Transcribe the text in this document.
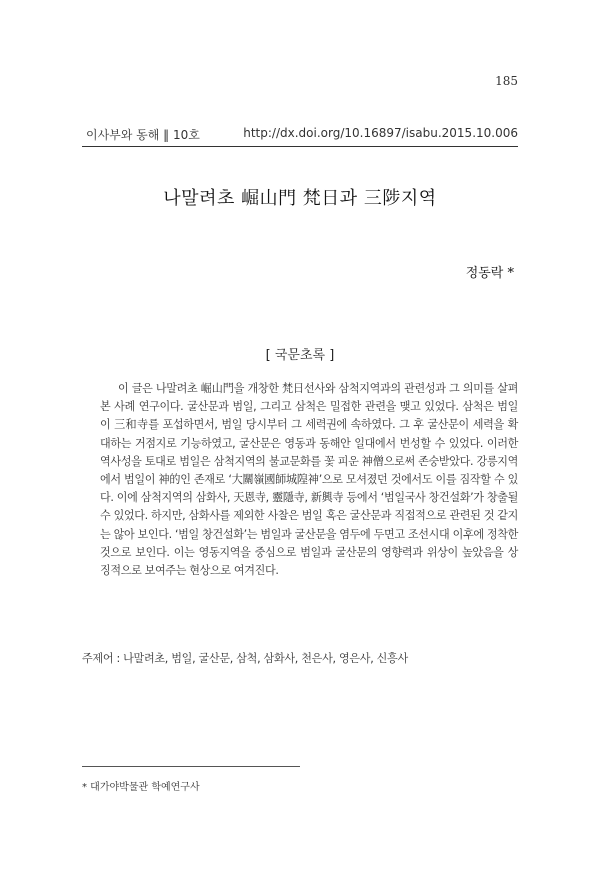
185
이사부와 동해 ‖ 10호	http://dx.doi.org/10.16897/isabu.2015.10.006
나말려초 崛山門 梵日과 三陟지역
정동락 *
[ 국문초록 ]
이 글은 나말려초 崛山門을 개창한 梵日선사와 삼척지역과의 관련성과 그 의미를 살펴본 사례 연구이다. 굴산문과 범일, 그리고 삼척은 밀접한 관련을 맺고 있었다. 삼척은 범일이 三和寺를 포섭하면서, 범일 당시부터 그 세력권에 속하였다. 그 후 굴산문이 세력을 확대하는 거점지로 기능하였고, 굴산문은 영동과 동해안 일대에서 번성할 수 있었다. 이러한 역사성을 토대로 범일은 삼척지역의 불교문화를 꽃 피운 神僧으로써 존숭받았다. 강릉지역에서 범일이 神的인 존재로 ‘大關嶺國師城隍神’으로 모셔졌던 것에서도 이를 짐작할 수 있다. 이에 삼척지역의 삼화사, 天恩寺, 靈隱寺, 新興寺 등에서 ‘범일국사 창건설화’가 창출될 수 있었다. 하지만, 삼화사를 제외한 사찰은 범일 혹은 굴산문과 직접적으로 관련된 것 같지는 않아 보인다. ‘범일 창건설화’는 범일과 굴산문을 염두에 두면고 조선시대 이후에 정착한 것으로 보인다. 이는 영동지역을 중심으로 범일과 굴산문의 영향력과 위상이 높았음을 상징적으로 보여주는 현상으로 여겨진다.
주제어 : 나말려초, 범일, 굴산문, 삼척, 삼화사, 천은사, 영은사, 신흥사
* 대가야박물관 학예연구사
